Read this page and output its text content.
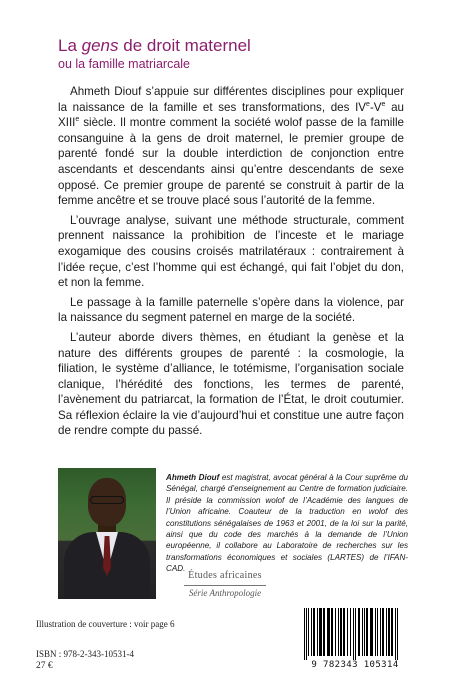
La gens de droit maternel
ou la famille matriarcale

Ahmeth Diouf s’appuie sur différentes disciplines pour expliquer la naissance de la famille et ses transformations, des IVe-Ve au XIIIe siècle. Il montre comment la société wolof passe de la famille consanguine à la gens de droit maternel, le premier groupe de parenté fondé sur la double interdiction de conjonction entre ascendants et descendants ainsi qu’entre descendants de sexe opposé. Ce premier groupe de parenté se construit à partir de la femme ancêtre et se trouve placé sous l’autorité de la femme.

L’ouvrage analyse, suivant une méthode structurale, comment prennent naissance la prohibition de l’inceste et le mariage exogamique des cousins croisés matrilatéraux : contrairement à l’idée reçue, c’est l’homme qui est échangé, qui fait l’objet du don, et non la femme.

Le passage à la famille paternelle s’opère dans la violence, par la naissance du segment paternel en marge de la société.

L’auteur aborde divers thèmes, en étudiant la genèse et la nature des différents groupes de parenté : la cosmologie, la filiation, le système d’alliance, le totémisme, l’organisation sociale clanique, l’hérédité des fonctions, les termes de parenté, l’avènement du patriarcat, la formation de l’État, le droit coutumier. Sa réflexion éclaire la vie d’aujourd’hui et constitue une autre façon de rendre compte du passé.

Ahmeth Diouf est magistrat, avocat général à la Cour suprême du Sénégal, chargé d’enseignement au Centre de formation judiciaire. Il préside la commission wolof de l’Académie des langues de l’Union africaine. Coauteur de la traduction en wolof des constitutions sénégalaises de 1963 et 2001, de la loi sur la parité, ainsi que du code des marchés à la demande de l’Union européenne, il collabore au Laboratoire de recherches sur les transformations économiques et sociales (LARTES) de l’IFAN-CAD.
Études africaines
Série Anthropologie
Illustration de couverture : voir page 6
ISBN : 978-2-343-10531-4
27 €	9 782343 105314
